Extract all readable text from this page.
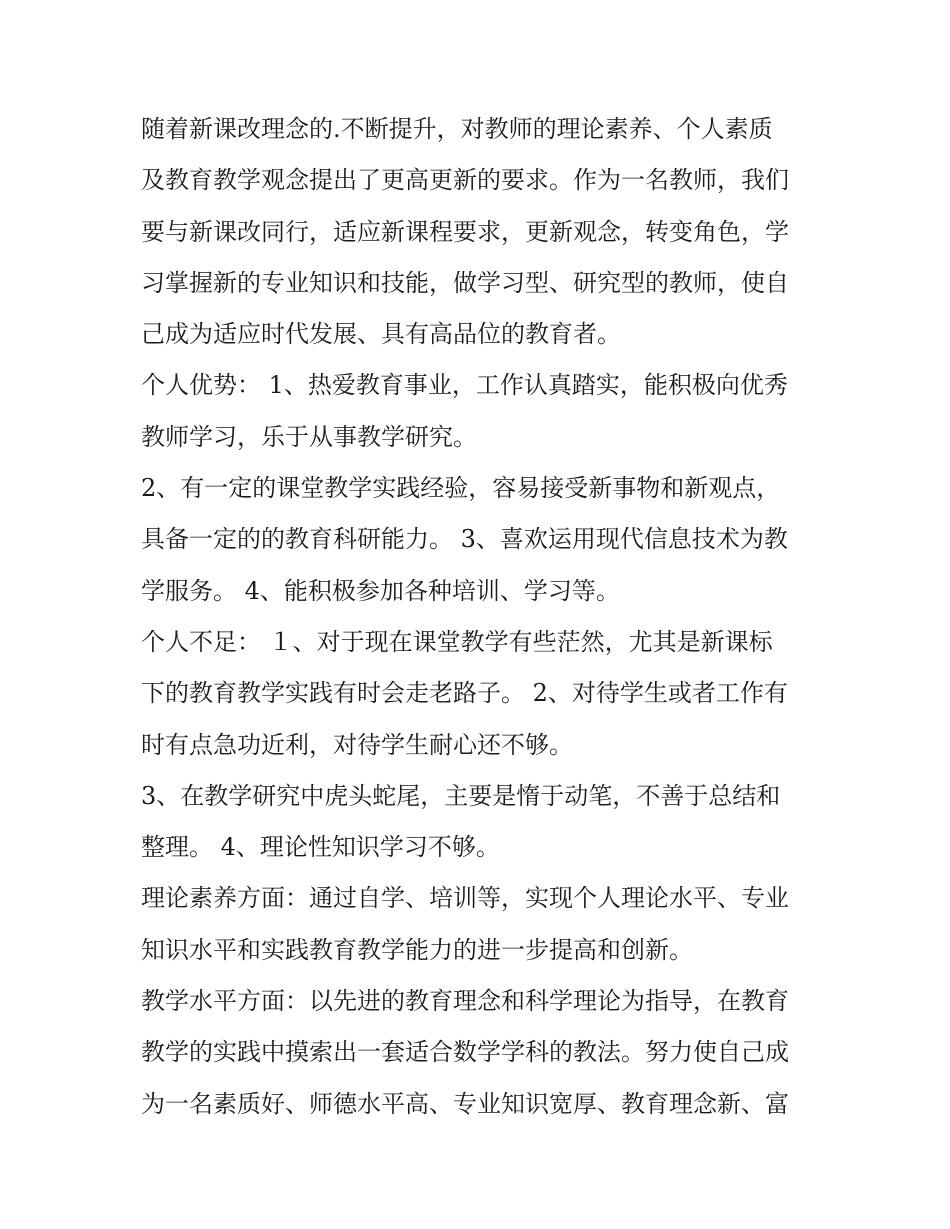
随着新课改理念的.不断提升，对教师的理论素养、个人素质
及教育教学观念提出了更高更新的要求。作为一名教师，我们
要与新课改同行，适应新课程要求，更新观念，转变角色，学
习掌握新的专业知识和技能，做学习型、研究型的教师，使自
己成为适应时代发展、具有高品位的教育者。
个人优势： 1、热爱教育事业，工作认真踏实，能积极向优秀
教师学习，乐于从事教学研究。
2、有一定的课堂教学实践经验，容易接受新事物和新观点，
具备一定的的教育科研能力。 3、喜欢运用现代信息技术为教
学服务。 4、能积极参加各种培训、学习等。
个人不足： １、对于现在课堂教学有些茫然，尤其是新课标
下的教育教学实践有时会走老路子。 2、对待学生或者工作有
时有点急功近利，对待学生耐心还不够。
3、在教学研究中虎头蛇尾，主要是惰于动笔，不善于总结和
整理。 4、理论性知识学习不够。
理论素养方面：通过自学、培训等，实现个人理论水平、专业
知识水平和实践教育教学能力的进一步提高和创新。
教学水平方面：以先进的教育理念和科学理论为指导，在教育
教学的实践中摸索出一套适合数学学科的教法。努力使自己成
为一名素质好、师德水平高、专业知识宽厚、教育理念新、富
